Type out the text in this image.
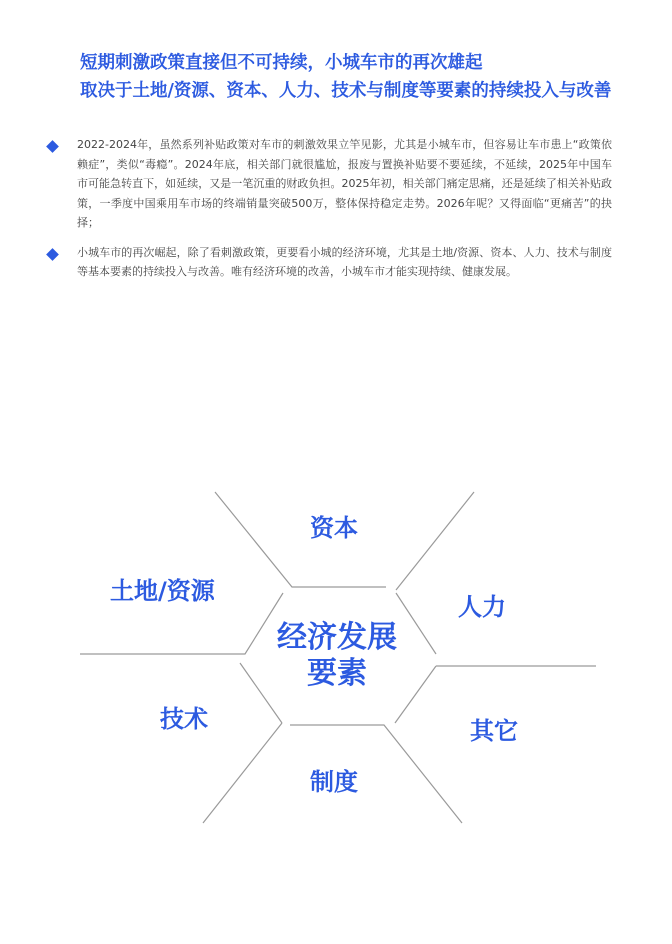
短期刺激政策直接但不可持续，小城车市的再次雄起
取决于土地/资源、资本、人力、技术与制度等要素的持续投入与改善
2022-2024年，虽然系列补贴政策对车市的刺激效果立竿见影，尤其是小城车市，但容易让车市患上“政策依赖症”，类似“毒瘾”。2024年底，相关部门就很尴尬，报废与置换补贴要不要延续，不延续，2025年中国车市可能急转直下，如延续，又是一笔沉重的财政负担。2025年初，相关部门痛定思痛，还是延续了相关补贴政策，一季度中国乘用车市场的终端销量突破500万，整体保持稳定走势。2026年呢？又得面临“更痛苦”的抉择；
小城车市的再次崛起，除了看刺激政策，更要看小城的经济环境，尤其是土地/资源、资本、人力、技术与制度等基本要素的持续投入与改善。唯有经济环境的改善，小城车市才能实现持续、健康发展。
资本
土地/资源
人力
技术	其它
制度
经济发展
要素
